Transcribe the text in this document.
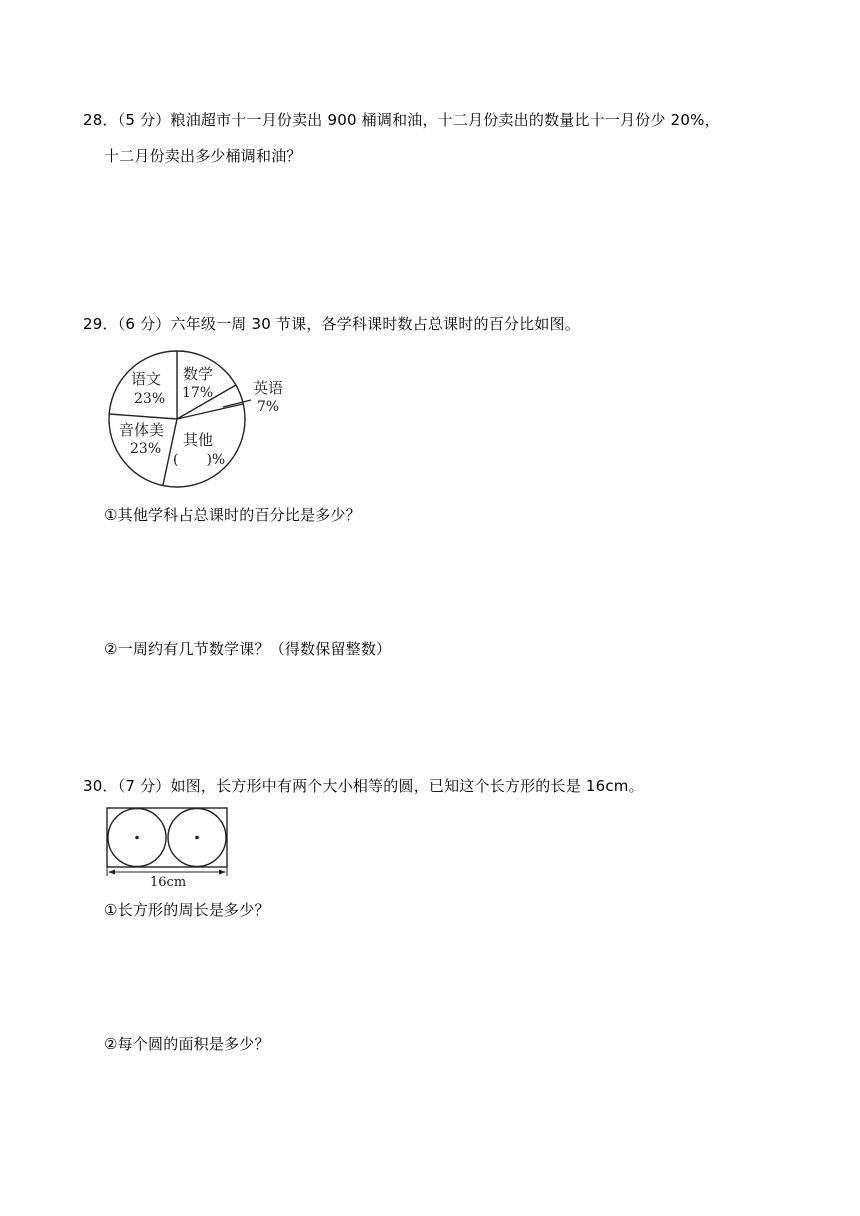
28．（5 分）粮油超市十一月份卖出 900 桶调和油，十二月份卖出的数量比十一月份少 20%，
十二月份卖出多少桶调和油？
29．（6 分）六年级一周 30 节课，各学科课时数占总课时的百分比如图。
语文
23%
数学
17%	英语
7%
其他
(　　)%
音体美
23%
①其他学科占总课时的百分比是多少？
②一周约有几节数学课？（得数保留整数）
30．（7 分）如图，长方形中有两个大小相等的圆，已知这个长方形的长是 16cm。
16cm
①长方形的周长是多少？
②每个圆的面积是多少？
